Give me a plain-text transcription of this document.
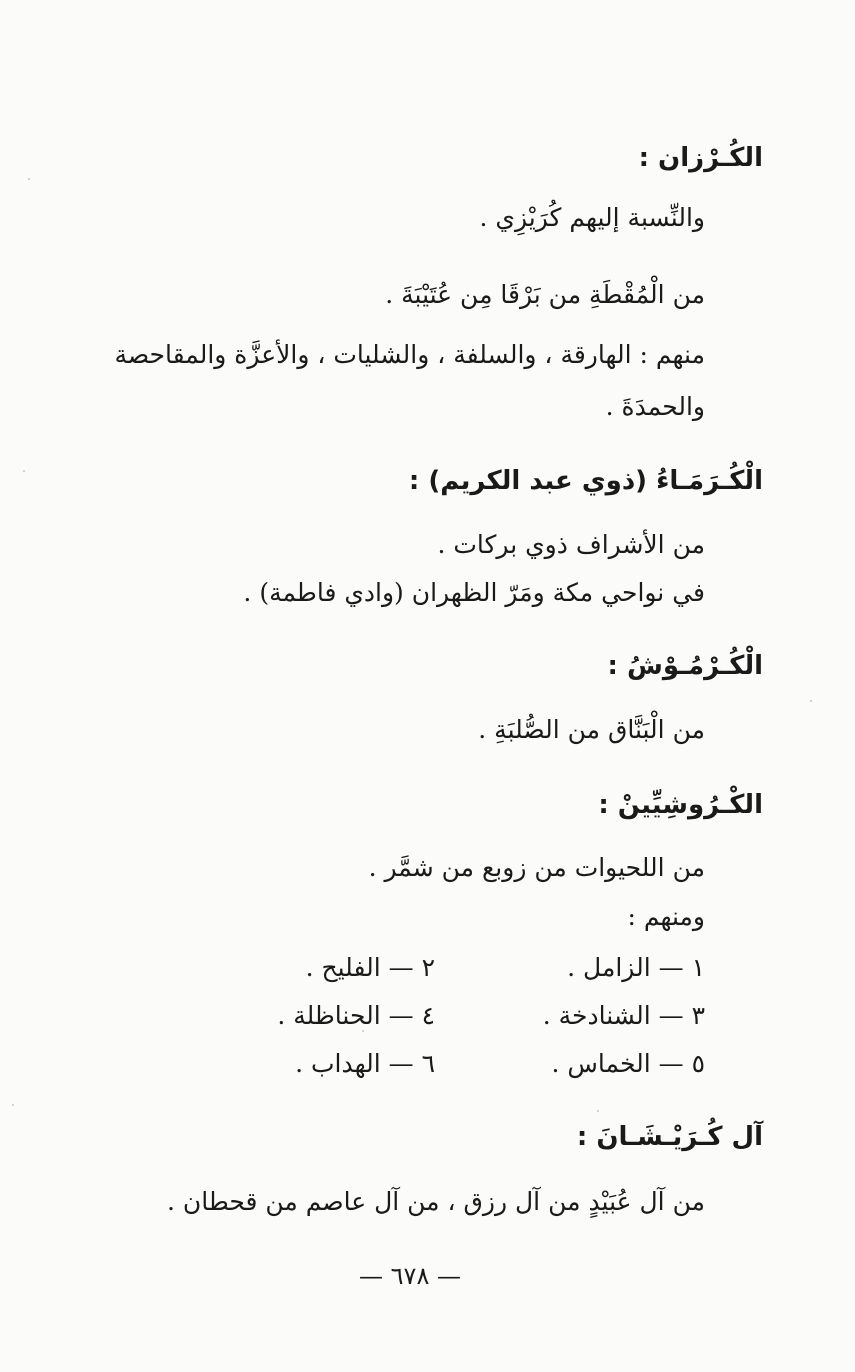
الكُـرْزان :
والنِّسبة إليهم كُرَيْزِي .
من الْمُقْطَةِ من بَرْقَا مِن عُتَيْبَةَ .
منهم : الهارقة ، والسلفة ، والشليات ، والأعزَّة والمقاحصة
والحمدَةَ .
الْكُـرَمَـاءُ (ذوي عبد الكريم) :
من الأشراف ذوي بركات .
في نواحي مكة ومَرّ الظهران (وادي فاطمة) .
الْكُـرْمُـوْشُ :
من الْبَنَّاق من الصُّلبَةِ .
الكْـرُوشِيِّينْ :
من اللحيوات من زوبع من شمَّر .
ومنهم :
١ — الزامل .
٢ — الفليح .
٣ — الشنادخة .
٤ — الحناظلة .
٥ — الخماس .
٦ — الهداب .
آل كُـرَيْـشَـانَ :
من آل عُبَيْدٍ من آل رزق ، من آل عاصم من قحطان .
— ٦٧٨ —
